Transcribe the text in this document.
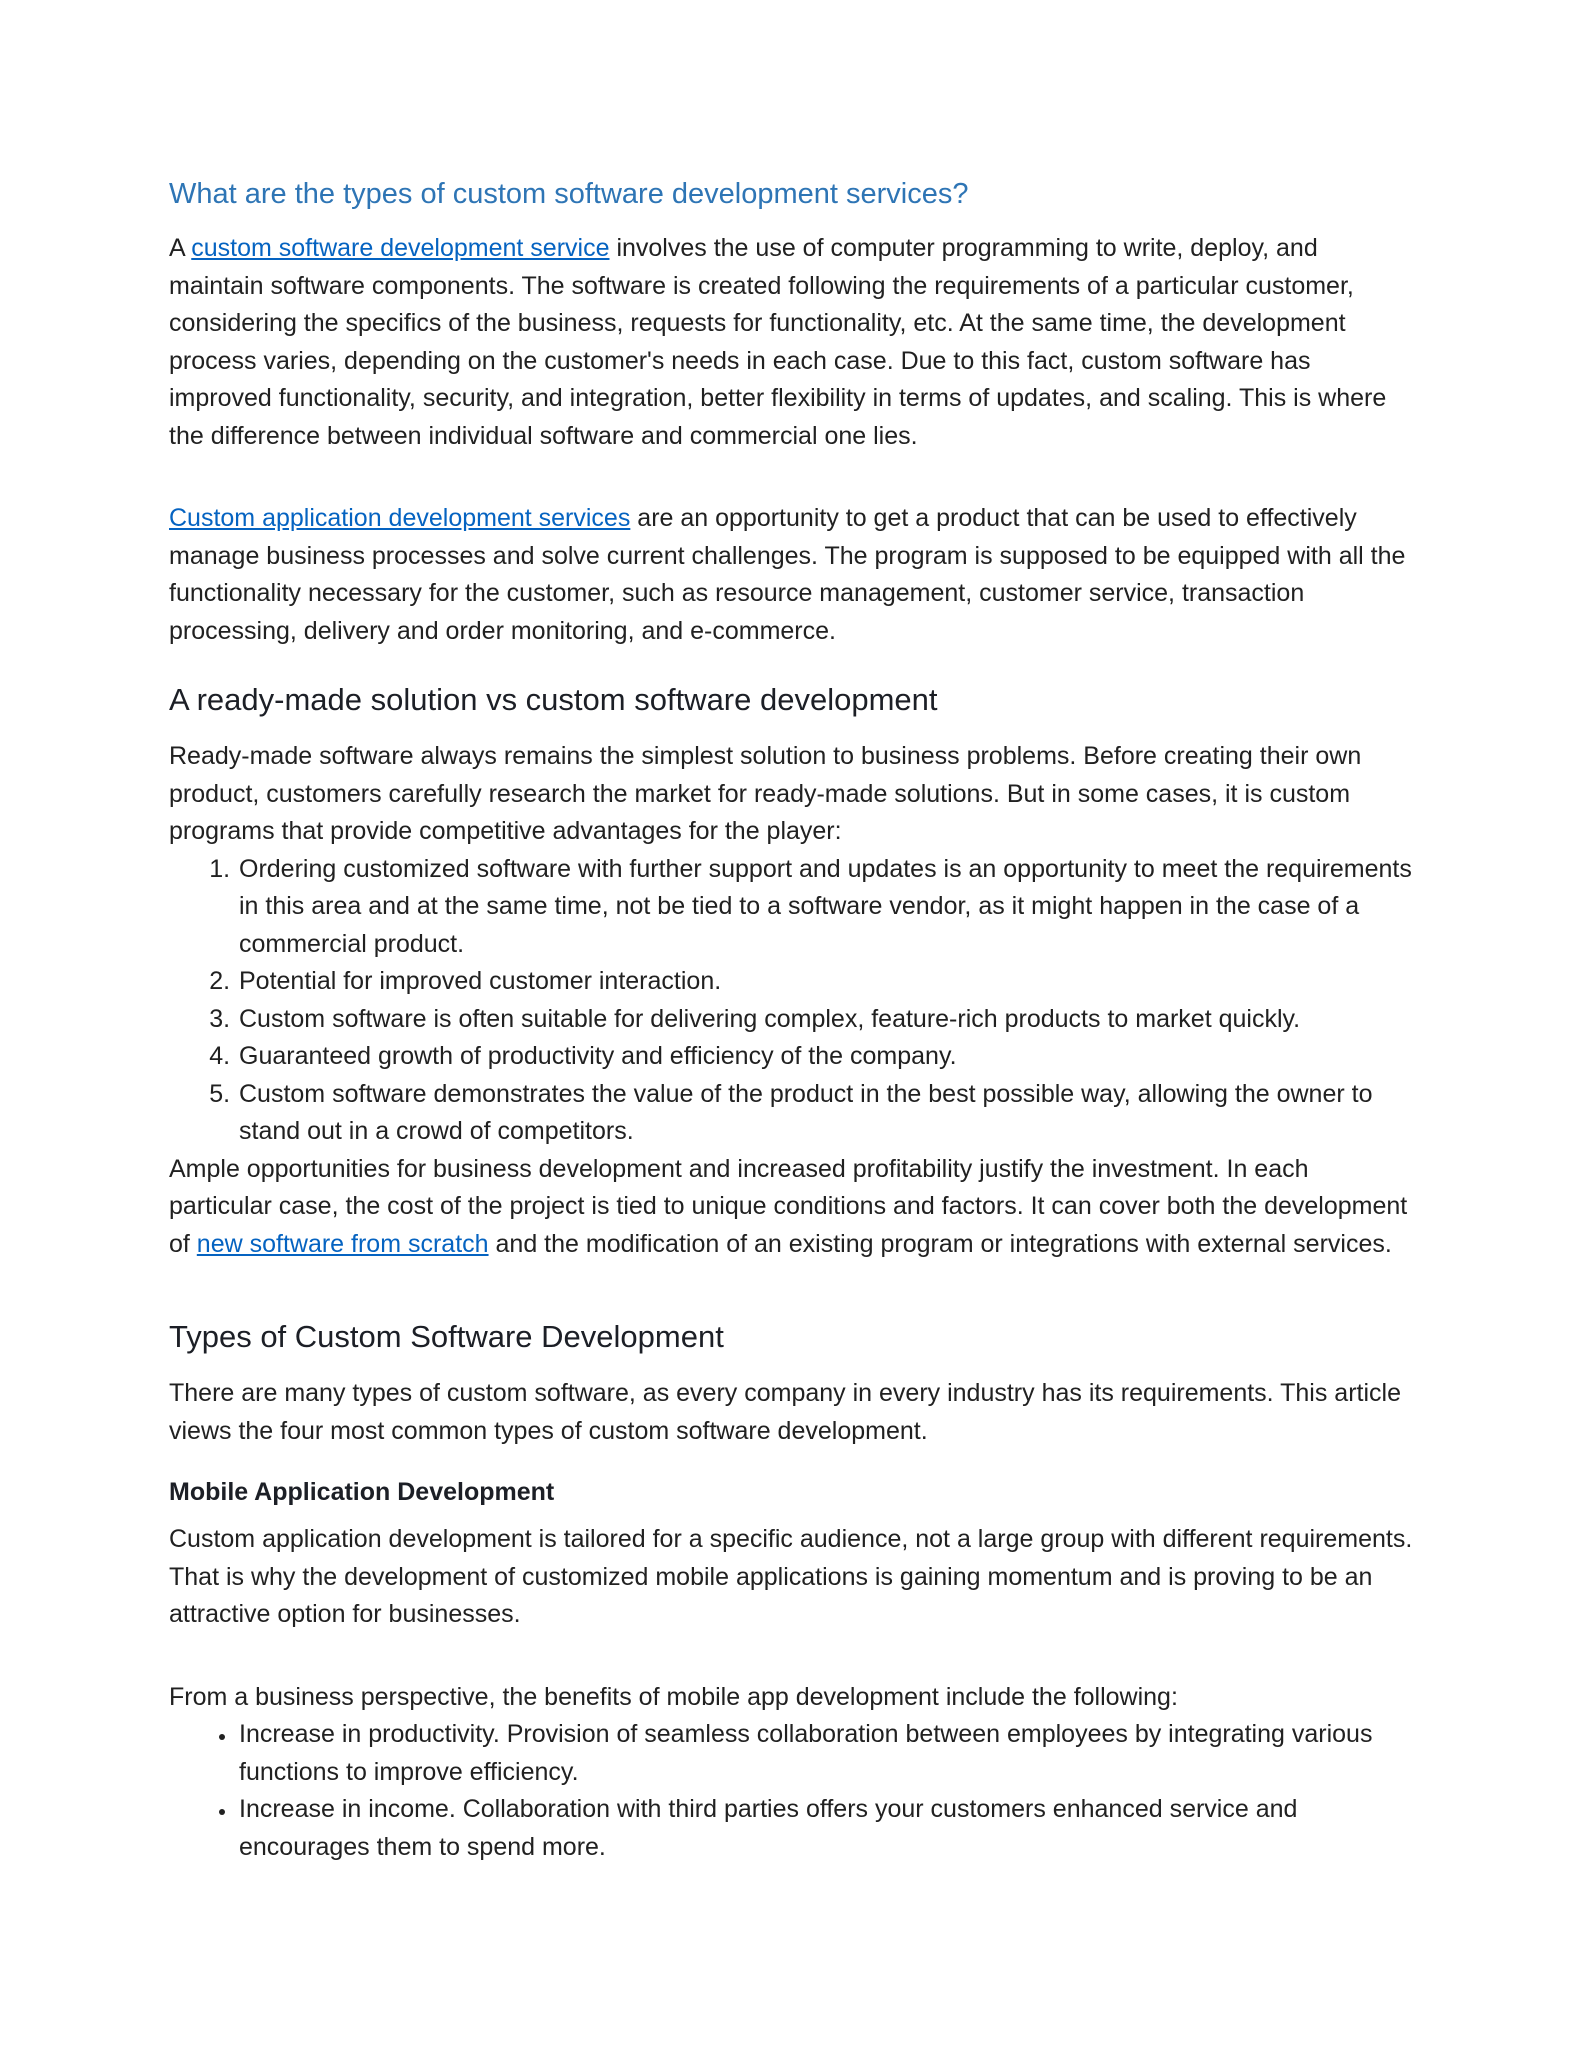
What are the types of custom software development services?

A custom software development service involves the use of computer programming to write, deploy, and maintain software components. The software is created following the requirements of a particular customer, considering the specifics of the business, requests for functionality, etc. At the same time, the development process varies, depending on the customer's needs in each case. Due to this fact, custom software has improved functionality, security, and integration, better flexibility in terms of updates, and scaling. This is where the difference between individual software and commercial one lies.

Custom application development services are an opportunity to get a product that can be used to effectively manage business processes and solve current challenges. The program is supposed to be equipped with all the functionality necessary for the customer, such as resource management, customer service, transaction processing, delivery and order monitoring, and e-commerce.

A ready-made solution vs custom software development

Ready-made software always remains the simplest solution to business problems. Before creating their own product, customers carefully research the market for ready-made solutions. But in some cases, it is custom programs that provide competitive advantages for the player:

1. Ordering customized software with further support and updates is an opportunity to meet the requirements in this area and at the same time, not be tied to a software vendor, as it might happen in the case of a commercial product.
2. Potential for improved customer interaction.
3. Custom software is often suitable for delivering complex, feature-rich products to market quickly.
4. Guaranteed growth of productivity and efficiency of the company.
5. Custom software demonstrates the value of the product in the best possible way, allowing the owner to stand out in a crowd of competitors.

Ample opportunities for business development and increased profitability justify the investment. In each particular case, the cost of the project is tied to unique conditions and factors. It can cover both the development of new software from scratch and the modification of an existing program or integrations with external services.

Types of Custom Software Development

There are many types of custom software, as every company in every industry has its requirements. This article views the four most common types of custom software development.

Mobile Application Development

Custom application development is tailored for a specific audience, not a large group with different requirements. That is why the development of customized mobile applications is gaining momentum and is proving to be an attractive option for businesses.

From a business perspective, the benefits of mobile app development include the following:

• Increase in productivity. Provision of seamless collaboration between employees by integrating various functions to improve efficiency.
• Increase in income. Collaboration with third parties offers your customers enhanced service and encourages them to spend more.
